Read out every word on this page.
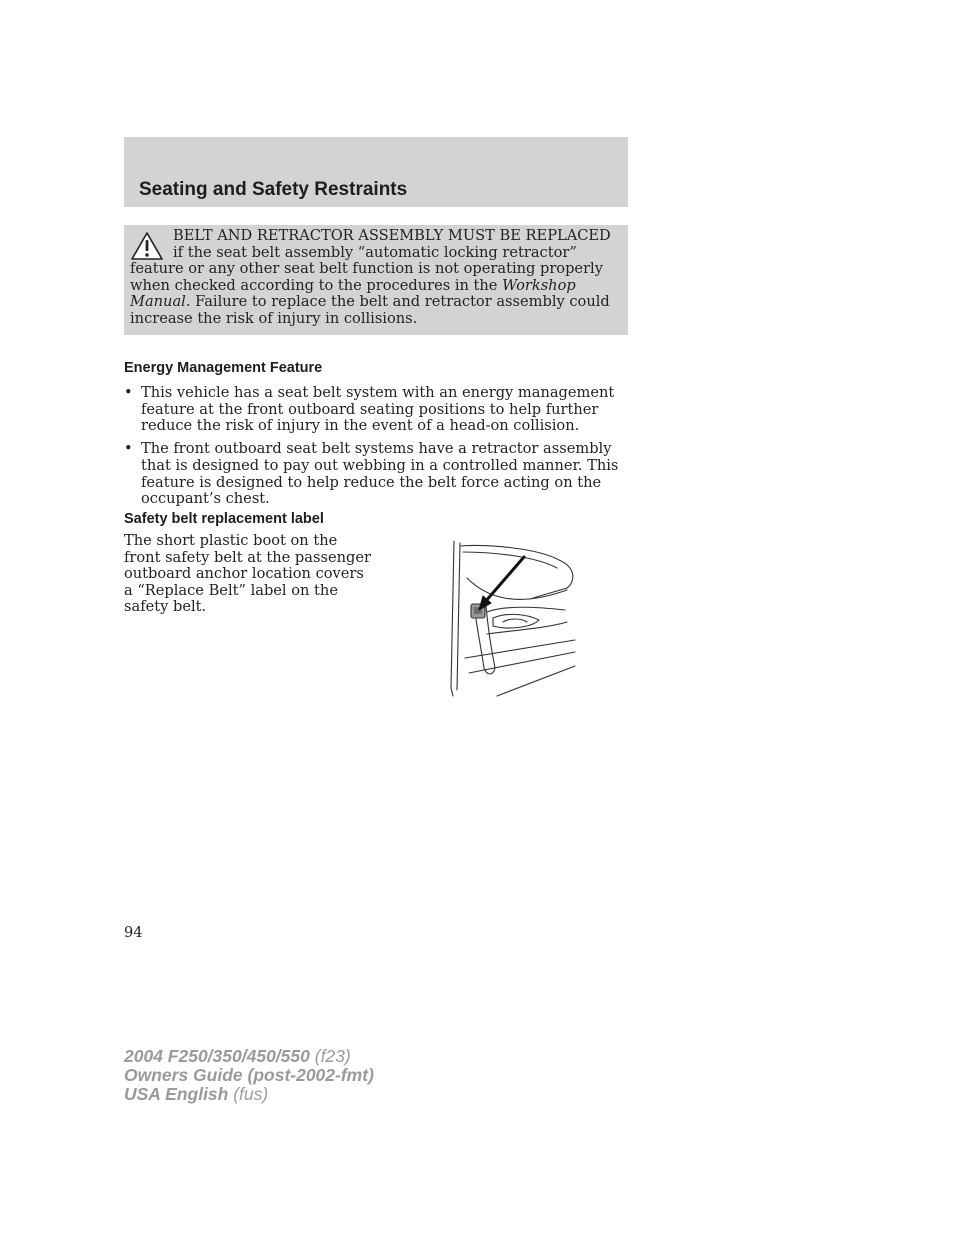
Seating and Safety Restraints

BELT AND RETRACTOR ASSEMBLY MUST BE REPLACED if the seat belt assembly “automatic locking retractor” feature or any other seat belt function is not operating properly when checked according to the procedures in the Workshop Manual. Failure to replace the belt and retractor assembly could increase the risk of injury in collisions.

Energy Management Feature
• This vehicle has a seat belt system with an energy management feature at the front outboard seating positions to help further reduce the risk of injury in the event of a head-on collision.
• The front outboard seat belt systems have a retractor assembly that is designed to pay out webbing in a controlled manner. This feature is designed to help reduce the belt force acting on the occupant’s chest.
Safety belt replacement label

The short plastic boot on the front safety belt at the passenger outboard anchor location covers a “Replace Belt” label on the safety belt.

94

2004 F250/350/450/550 (f23)
Owners Guide (post-2002-fmt)
USA English (fus)
